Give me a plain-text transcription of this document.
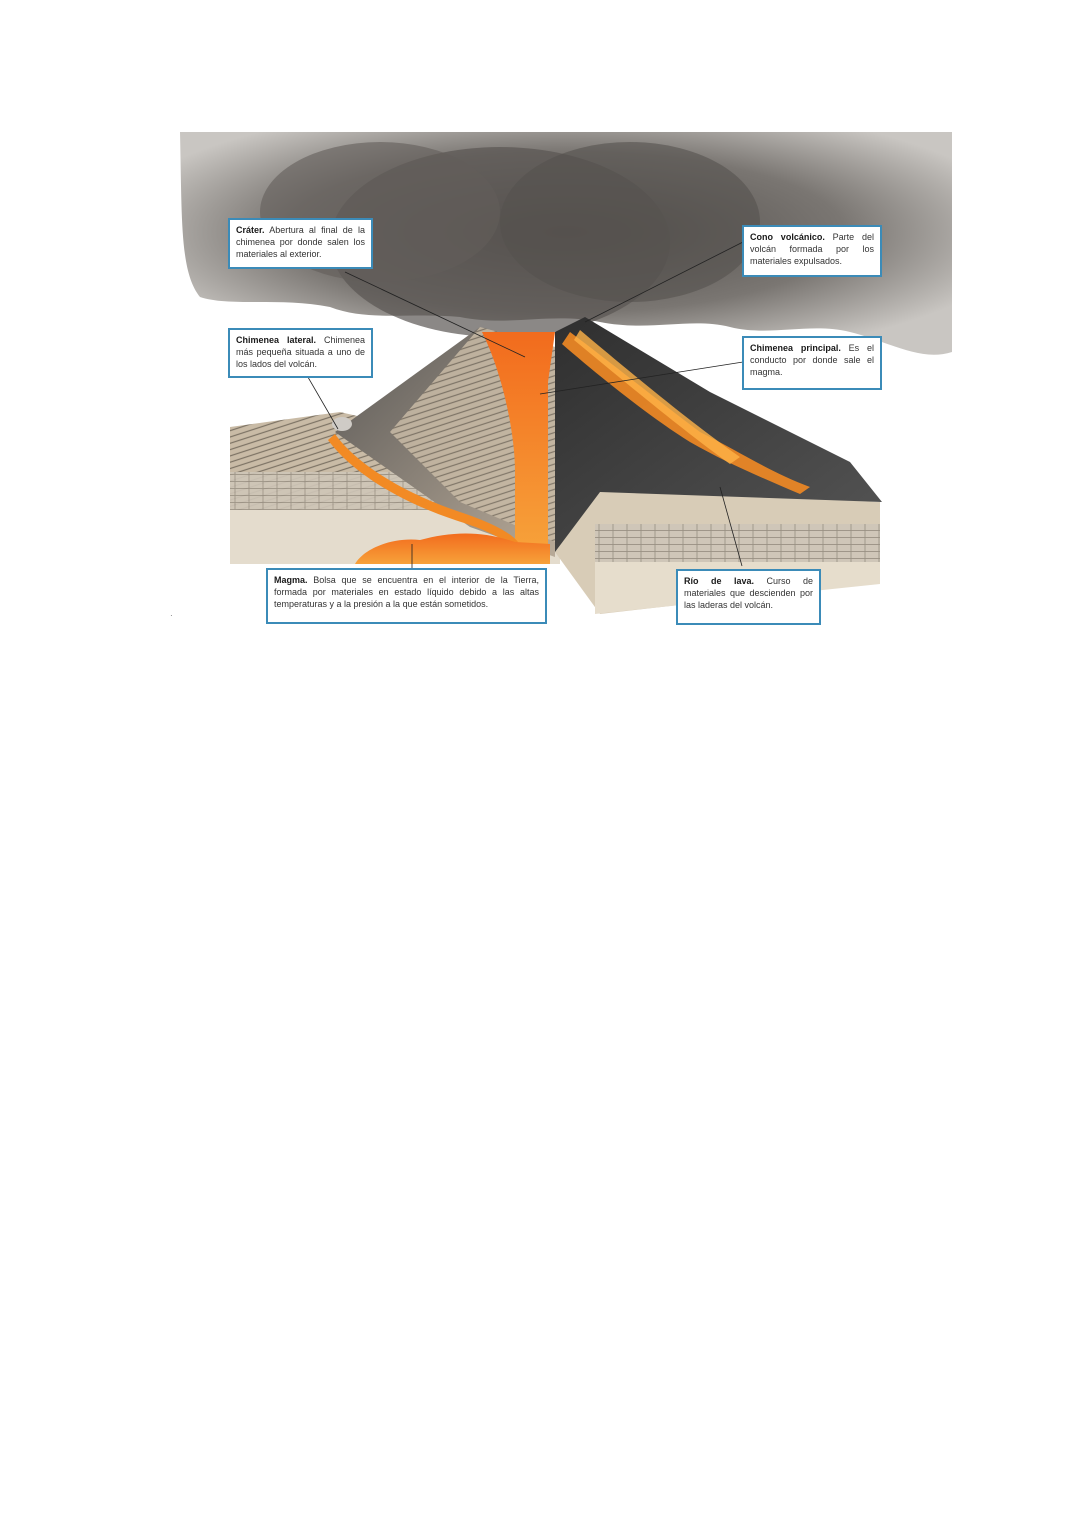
Cráter. Abertura al final de la chimenea por donde salen los materiales al exterior.
Cono volcánico. Parte del volcán formada por los materiales expulsados.
Chimenea lateral. Chimenea más pequeña situada a uno de los lados del volcán.
Chimenea principal. Es el conducto por donde sale el magma.
Magma. Bolsa que se encuentra en el interior de la Tierra, formada por materiales en estado líquido debido a las altas temperaturas y a la presión a la que están sometidos.
Río de lava. Curso de materiales que descienden por las laderas del volcán.
·
